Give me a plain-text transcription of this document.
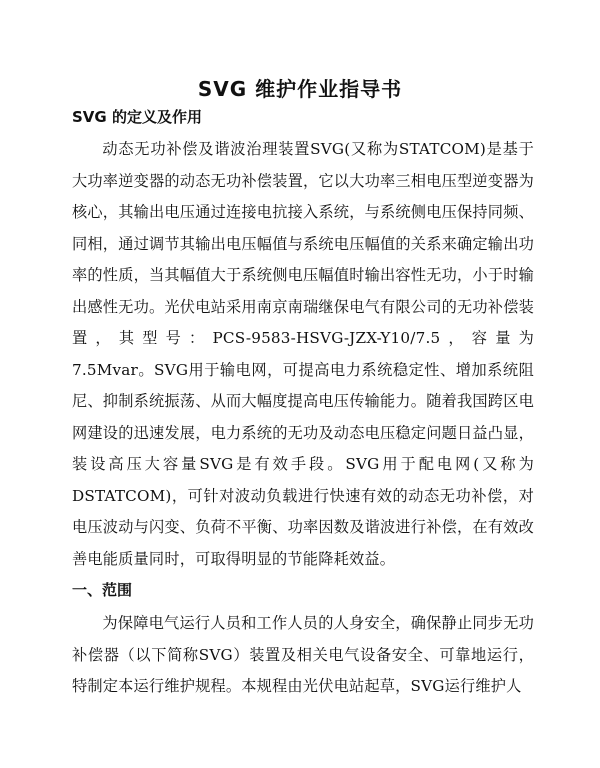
SVG 维护作业指导书
SVG 的定义及作用

动态无功补偿及谐波治理装置SVG(又称为STATCOM)是基于大功率逆变器的动态无功补偿装置，它以大功率三相电压型逆变器为核心，其输出电压通过连接电抗接入系统，与系统侧电压保持同频、同相，通过调节其输出电压幅值与系统电压幅值的关系来确定输出功率的性质，当其幅值大于系统侧电压幅值时输出容性无功，小于时输出感性无功。光伏电站采用南京南瑞继保电气有限公司的无功补偿装置，其型号：PCS-9583-HSVG-JZX-Y10/7.5，容量为7.5Mvar。SVG用于输电网，可提高电力系统稳定性、增加系统阻尼、抑制系统振荡、从而大幅度提高电压传输能力。随着我国跨区电网建设的迅速发展，电力系统的无功及动态电压稳定问题日益凸显，装设高压大容量SVG是有效手段。SVG用于配电网(又称为DSTATCOM)，可针对波动负载进行快速有效的动态无功补偿，对电压波动与闪变、负荷不平衡、功率因数及谐波进行补偿，在有效改善电能质量同时，可取得明显的节能降耗效益。

一、范围

为保障电气运行人员和工作人员的人身安全，确保静止同步无功补偿器（以下简称SVG）装置及相关电气设备安全、可靠地运行，特制定本运行维护规程。本规程由光伏电站起草，SVG运行维护人
